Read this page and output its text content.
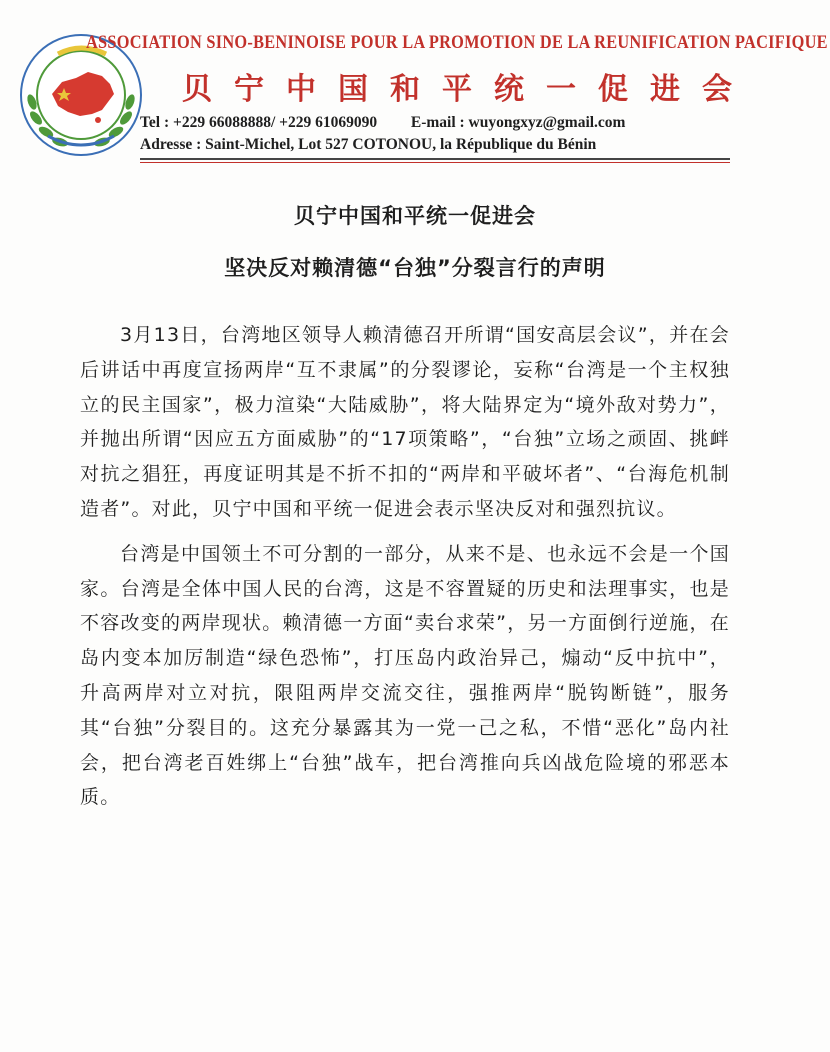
ASSOCIATION SINO-BENINOISE POUR LA PROMOTION DE LA REUNIFICATION PACIFIQUE
贝宁中国和平统一促进会
Tel : +229 66088888/ +229 61069090 E-mail : wuyongxyz@gmail.com
Adresse : Saint-Michel, Lot 527 COTONOU, la République du Bénin
贝宁中国和平统一促进会
坚决反对赖清德“台独”分裂言行的声明

3月13日，台湾地区领导人赖清德召开所谓“国安高层会议”，并在会后讲话中再度宣扬两岸“互不隶属”的分裂谬论，妄称“台湾是一个主权独立的民主国家”，极力渲染“大陆威胁”，将大陆界定为“境外敌对势力”，并抛出所谓“因应五方面威胁”的“17项策略”，“台独”立场之顽固、挑衅对抗之猖狂，再度证明其是不折不扣的“两岸和平破坏者”、“台海危机制造者”。对此，贝宁中国和平统一促进会表示坚决反对和强烈抗议。

台湾是中国领土不可分割的一部分，从来不是、也永远不会是一个国家。台湾是全体中国人民的台湾，这是不容置疑的历史和法理事实，也是不容改变的两岸现状。赖清德一方面“卖台求荣”，另一方面倒行逆施，在岛内变本加厉制造“绿色恐怖”，打压岛内政治异己，煽动“反中抗中”，升高两岸对立对抗，限阻两岸交流交往，强推两岸“脱钩断链”，服务其“台独”分裂目的。这充分暴露其为一党一己之私，不惜“恶化”岛内社会，把台湾老百姓绑上“台独”战车，把台湾推向兵凶战危险境的邪恶本质。
